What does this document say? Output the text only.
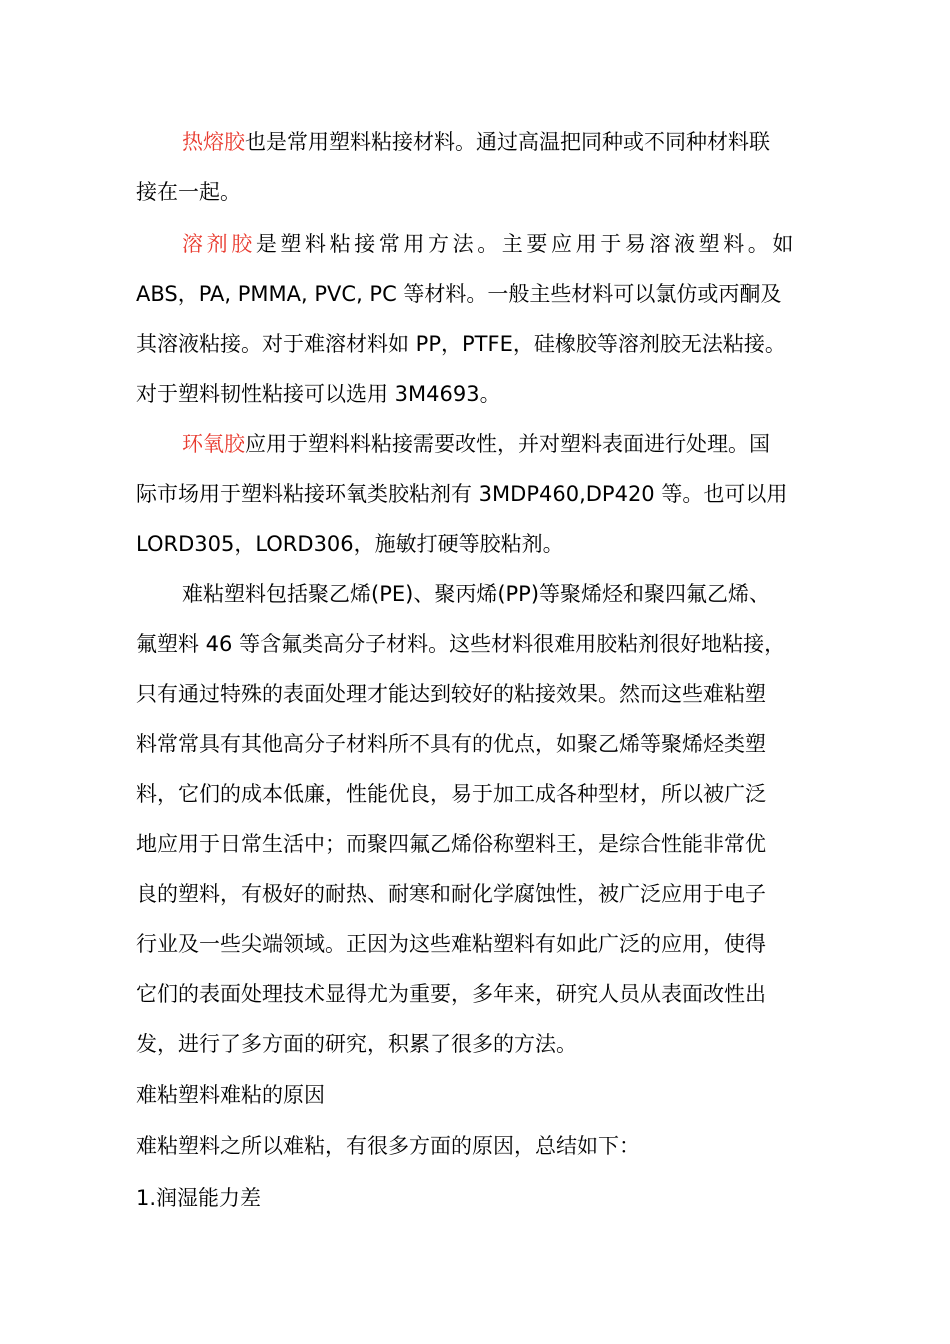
热熔胶也是常用塑料粘接材料。通过高温把同种或不同种材料联
接在一起。
溶剂胶是塑料粘接常用方法。主要应用于易溶液塑料。如
ABS，PA, PMMA, PVC, PC 等材料。一般主些材料可以氯仿或丙酮及
其溶液粘接。对于难溶材料如 PP，PTFE，硅橡胶等溶剂胶无法粘接。
对于塑料韧性粘接可以选用 3M4693。
环氧胶应用于塑料料粘接需要改性，并对塑料表面进行处理。国
际市场用于塑料粘接环氧类胶粘剂有 3MDP460,DP420 等。也可以用
LORD305，LORD306，施敏打硬等胶粘剂。
难粘塑料包括聚乙烯(PE)、聚丙烯(PP)等聚烯烃和聚四氟乙烯、
氟塑料 46 等含氟类高分子材料。这些材料很难用胶粘剂很好地粘接，
只有通过特殊的表面处理才能达到较好的粘接效果。然而这些难粘塑
料常常具有其他高分子材料所不具有的优点，如聚乙烯等聚烯烃类塑
料，它们的成本低廉，性能优良，易于加工成各种型材，所以被广泛
地应用于日常生活中；而聚四氟乙烯俗称塑料王，是综合性能非常优
良的塑料，有极好的耐热、耐寒和耐化学腐蚀性，被广泛应用于电子
行业及一些尖端领域。正因为这些难粘塑料有如此广泛的应用，使得
它们的表面处理技术显得尤为重要，多年来，研究人员从表面改性出
发，进行了多方面的研究，积累了很多的方法。
难粘塑料难粘的原因
难粘塑料之所以难粘，有很多方面的原因，总结如下：
1.润湿能力差
